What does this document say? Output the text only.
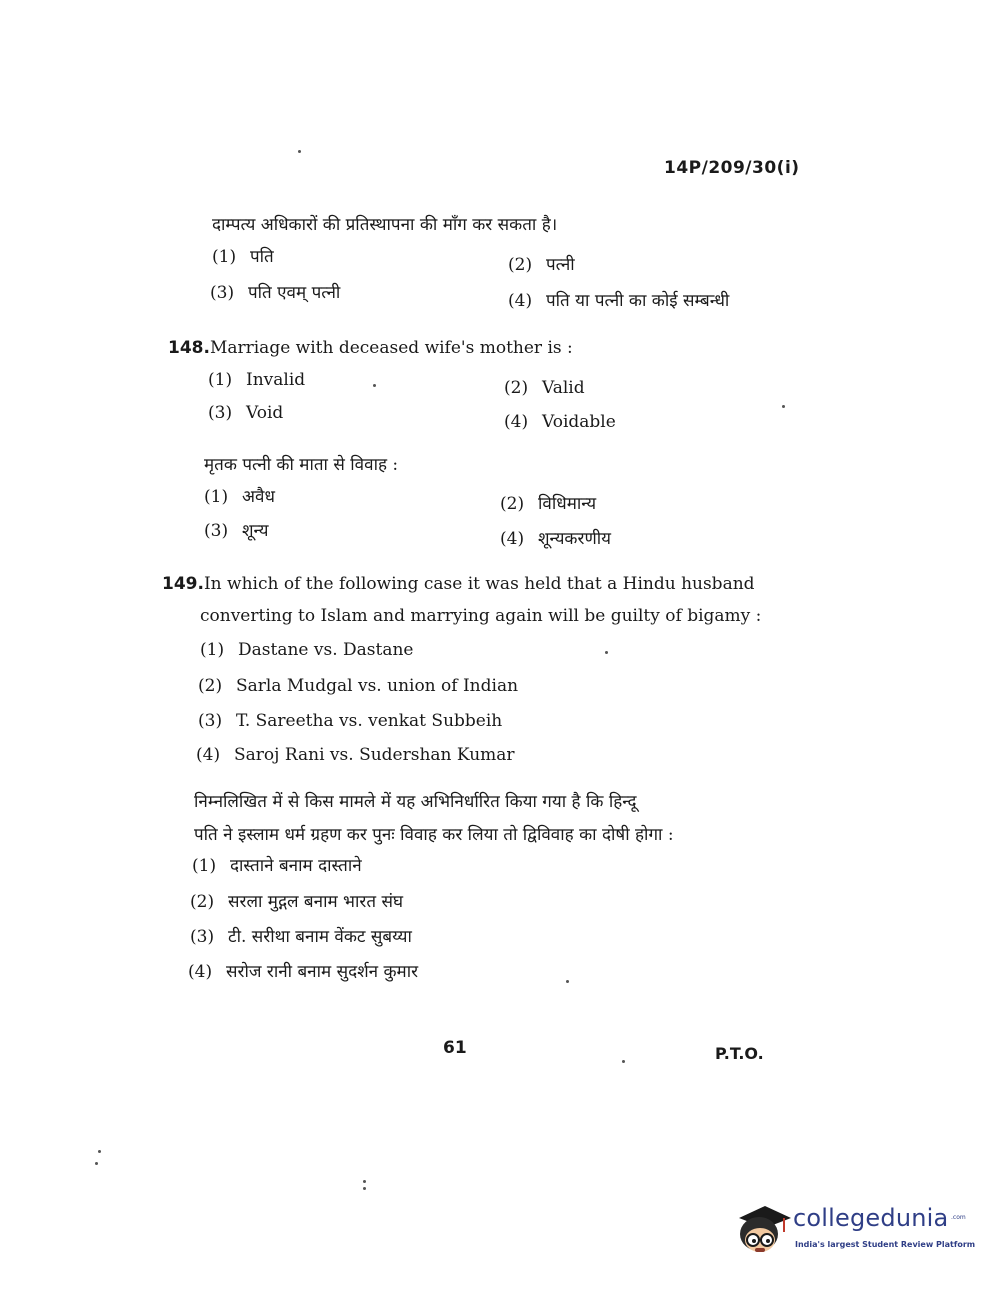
14P/209/30(i)
दाम्पत्य अधिकारों की प्रतिस्थापना की माँग कर सकता है।
(1) पति	(2) पत्नी
(3) पति एवम् पत्नी	(4) पति या पत्नी का कोई सम्बन्धी
148.Marriage with deceased wife's mother is :
(1) Invalid	(2) Valid
(3) Void	(4) Voidable
मृतक पत्नी की माता से विवाह :
(1) अवैध	(2) विधिमान्य
(3) शून्य	(4) शून्यकरणीय
149.In which of the following case it was held that a Hindu husband
converting to Islam and marrying again will be guilty of bigamy :
(1) Dastane vs. Dastane
(2) Sarla Mudgal vs. union of Indian
(3) T. Sareetha vs. venkat Subbeih
(4) Saroj Rani vs. Sudershan Kumar
निम्नलिखित में से किस मामले में यह अभिनिर्धारित किया गया है कि हिन्दू
पति ने इस्लाम धर्म ग्रहण कर पुनः विवाह कर लिया तो द्विविवाह का दोषी होगा :
(1) दास्ताने बनाम दास्ताने
(2) सरला मुद्गल बनाम भारत संघ
(3) टी. सरीथा बनाम वेंकट सुबय्या
(4) सरोज रानी बनाम सुदर्शन कुमार
61	P.T.O.
collegedunia .com
India's largest Student Review Platform
